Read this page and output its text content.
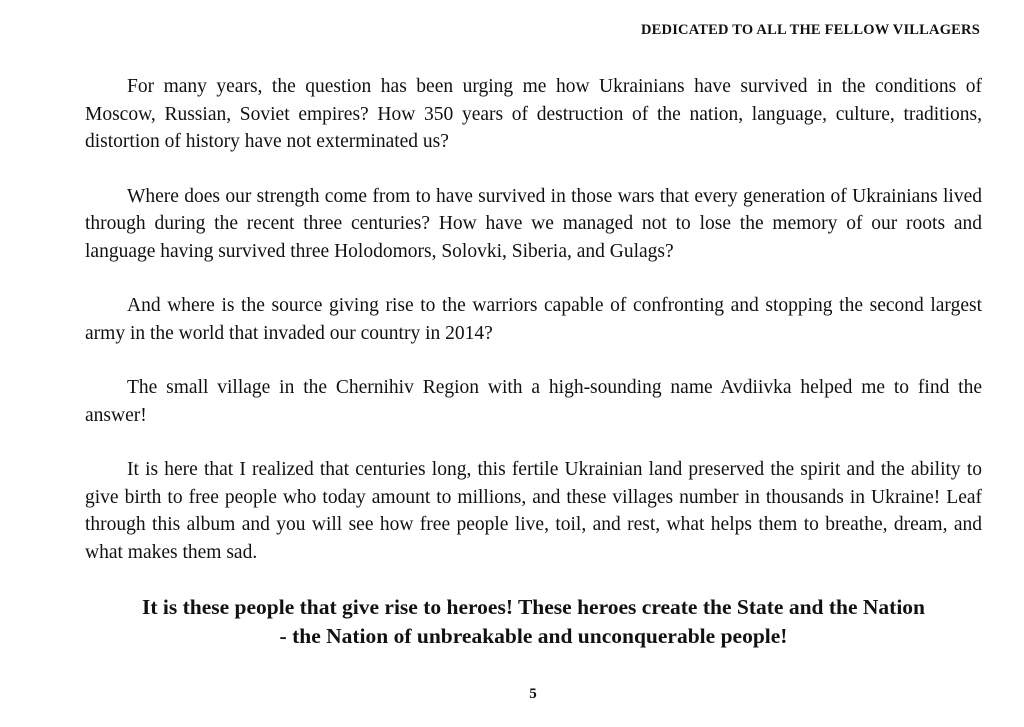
DEDICATED TO ALL THE FELLOW VILLAGERS

For many years, the question has been urging me how Ukrainians have survived in the conditions of Moscow, Russian, Soviet empires? How 350 years of destruction of the nation, language, culture, traditions, distortion of history have not exterminated us?

Where does our strength come from to have survived in those wars that every generation of Ukrainians lived through during the recent three centuries? How have we managed not to lose the memory of our roots and language having survived three Holodomors, Solovki, Siberia, and Gulags?

And where is the source giving rise to the warriors capable of confronting and stopping the second largest army in the world that invaded our country in 2014?

The small village in the Chernihiv Region with a high-sounding name Avdiivka helped me to find the answer!

It is here that I realized that centuries long, this fertile Ukrainian land preserved the spirit and the ability to give birth to free people who today amount to millions, and these villages number in thousands in Ukraine! Leaf through this album and you will see how free people live, toil, and rest, what helps them to breathe, dream, and what makes them sad.

It is these people that give rise to heroes! These heroes create the State and the Nation
- the Nation of unbreakable and unconquerable people!

5
